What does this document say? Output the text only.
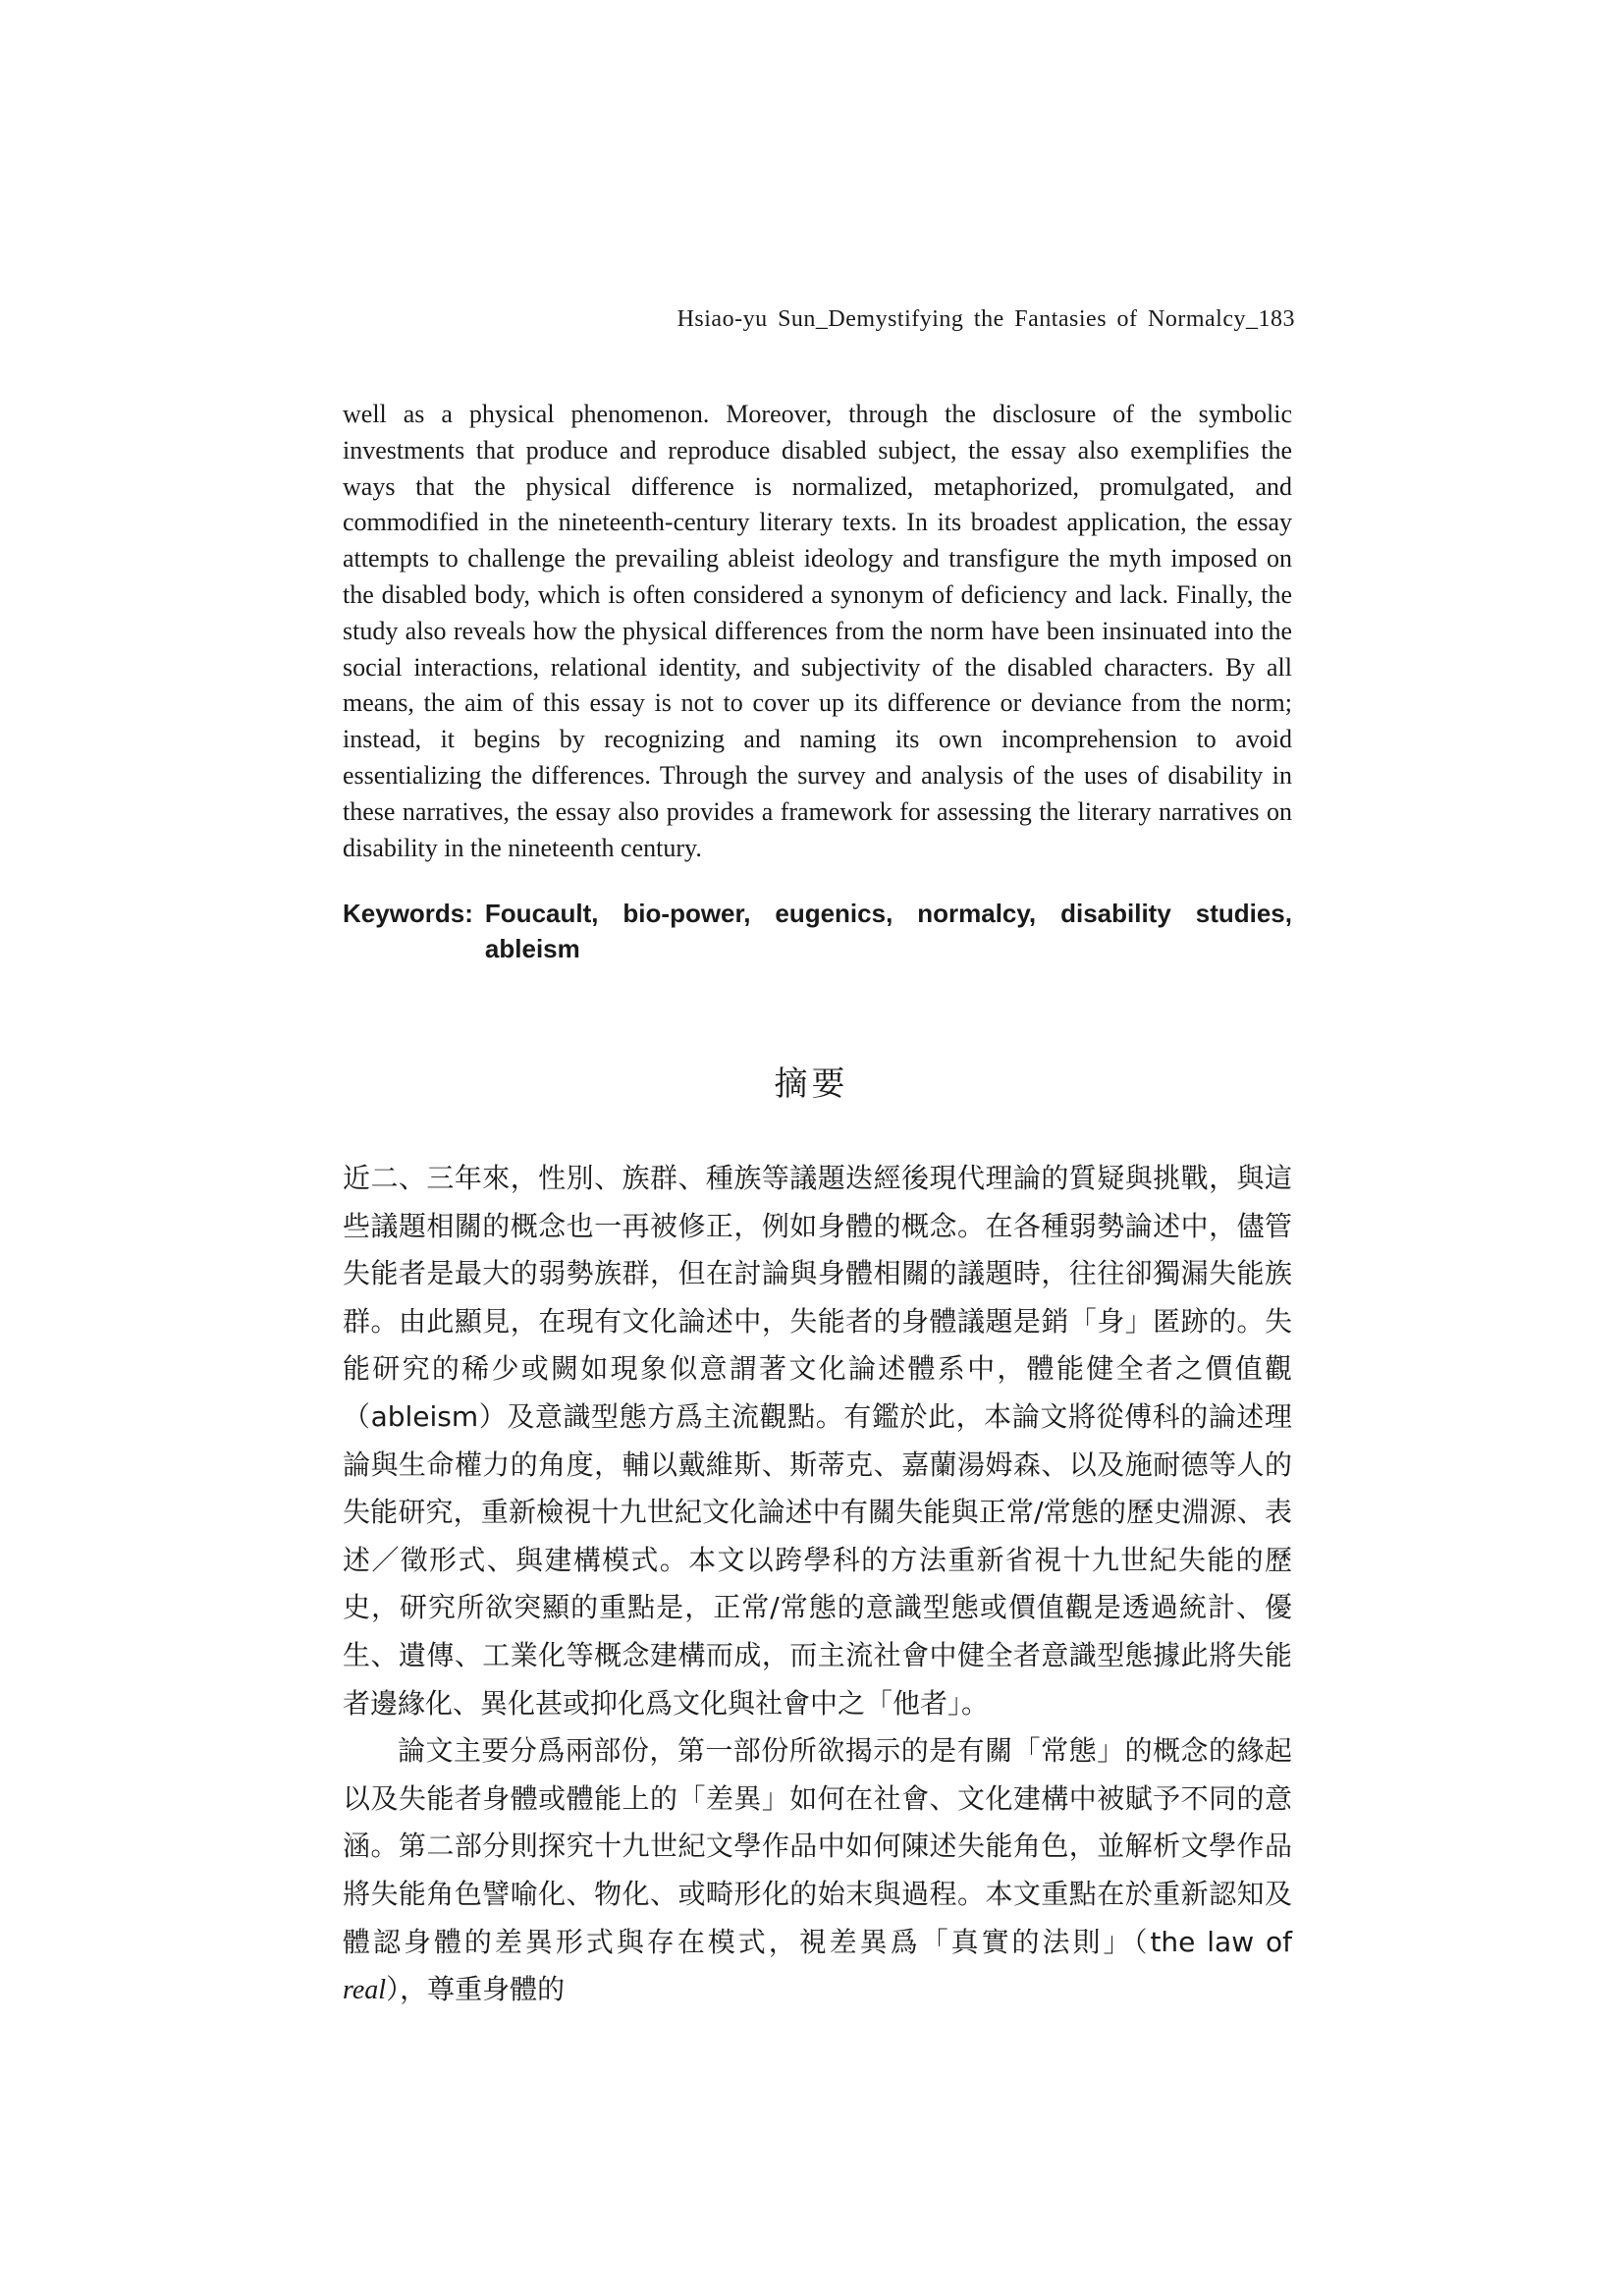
Hsiao-yu Sun_Demystifying the Fantasies of Normalcy_183

well as a physical phenomenon. Moreover, through the disclosure of the symbolic investments that produce and reproduce disabled subject, the essay also exemplifies the ways that the physical difference is normalized, metaphorized, promulgated, and commodified in the nineteenth-century literary texts. In its broadest application, the essay attempts to challenge the prevailing ableist ideology and transfigure the myth imposed on the disabled body, which is often considered a synonym of deficiency and lack. Finally, the study also reveals how the physical differences from the norm have been insinuated into the social interactions, relational identity, and subjectivity of the disabled characters. By all means, the aim of this essay is not to cover up its difference or deviance from the norm; instead, it begins by recognizing and naming its own incomprehension to avoid essentializing the differences. Through the survey and analysis of the uses of disability in these narratives, the essay also provides a framework for assessing the literary narratives on disability in the nineteenth century.

Keywords: Foucault, bio-power, eugenics, normalcy, disability studies, ableism
摘要

近二、三年來，性別、族群、種族等議題迭經後現代理論的質疑與挑戰，與這些議題相關的概念也一再被修正，例如身體的概念。在各種弱勢論述中，儘管失能者是最大的弱勢族群，但在討論與身體相關的議題時，往往卻獨漏失能族群。由此顯見，在現有文化論述中，失能者的身體議題是銷「身」匿跡的。失能研究的稀少或闕如現象似意謂著文化論述體系中，體能健全者之價值觀（ableism）及意識型態方爲主流觀點。有鑑於此，本論文將從傅科的論述理論與生命權力的角度，輔以戴維斯、斯蒂克、嘉蘭湯姆森、以及施耐德等人的失能研究，重新檢視十九世紀文化論述中有關失能與正常/常態的歷史淵源、表述／徵形式、與建構模式。本文以跨學科的方法重新省視十九世紀失能的歷史，研究所欲突顯的重點是，正常/常態的意識型態或價值觀是透過統計、優生、遺傳、工業化等概念建構而成，而主流社會中健全者意識型態據此將失能者邊緣化、異化甚或抑化爲文化與社會中之「他者」。

論文主要分爲兩部份，第一部份所欲揭示的是有關「常態」的概念的緣起以及失能者身體或體能上的「差異」如何在社會、文化建構中被賦予不同的意涵。第二部分則探究十九世紀文學作品中如何陳述失能角色，並解析文學作品將失能角色譬喻化、物化、或畸形化的始末與過程。本文重點在於重新認知及體認身體的差異形式與存在模式，視差異爲「真實的法則」（the law of real），尊重身體的
